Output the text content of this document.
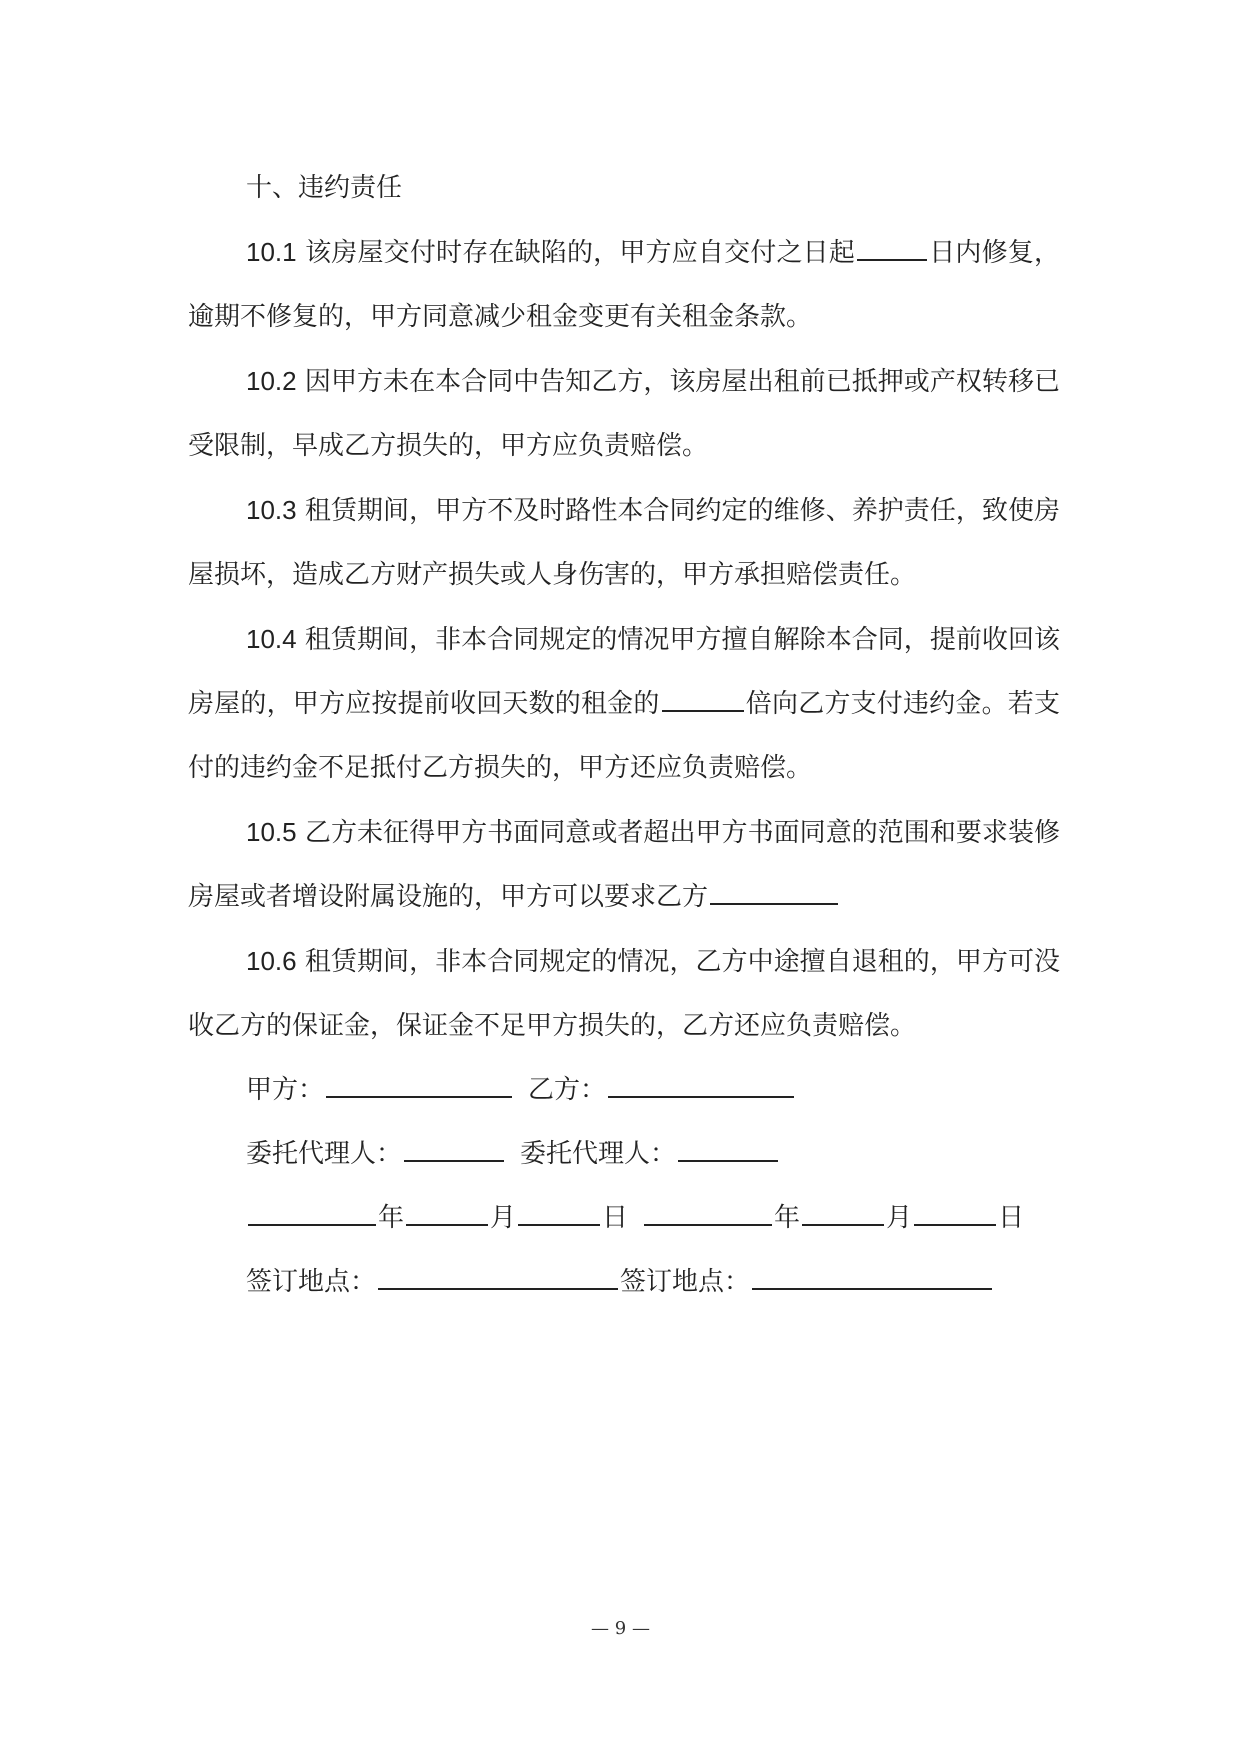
十、违约责任

10.1 该房屋交付时存在缺陷的，甲方应自交付之日起	日内修复，逾期不修复的，甲方同意减少租金变更有关租金条款。

10.2 因甲方未在本合同中告知乙方，该房屋出租前已抵押或产权转移已受限制，早成乙方损失的，甲方应负责赔偿。

10.3 租赁期间，甲方不及时路性本合同约定的维修、养护责任，致使房屋损坏，造成乙方财产损失或人身伤害的，甲方承担赔偿责任。

10.4 租赁期间，非本合同规定的情况甲方擅自解除本合同，提前收回该房屋的，甲方应按提前收回天数的租金的	倍向乙方支付违约金。若支付的违约金不足抵付乙方损失的，甲方还应负责赔偿。

10.5 乙方未征得甲方书面同意或者超出甲方书面同意的范围和要求装修房屋或者增设附属设施的，甲方可以要求乙方

10.6 租赁期间，非本合同规定的情况，乙方中途擅自退租的，甲方可没收乙方的保证金，保证金不足甲方损失的，乙方还应负责赔偿。

甲方：	乙方：

委托代理人：	委托代理人：

年	月	日	年	月	日

签订地点：	签订地点：

— 9 —
